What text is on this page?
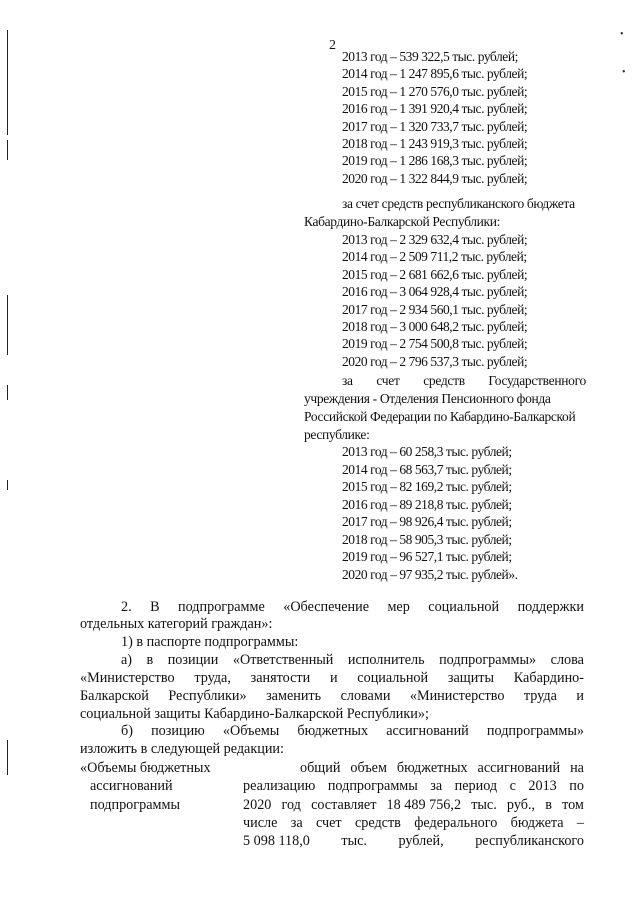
•
•
2
2013 год – 539 322,5 тыс. рублей;
2014 год – 1 247 895,6 тыс. рублей;
2015 год – 1 270 576,0 тыс. рублей;
2016 год – 1 391 920,4 тыс. рублей;
2017 год – 1 320 733,7 тыс. рублей;
2018 год – 1 243 919,3 тыс. рублей;
2019 год – 1 286 168,3 тыс. рублей;
2020 год – 1 322 844,9 тыс. рублей;
за счет средств республиканского бюджета
Кабардино-Балкарской Республики:
2013 год – 2 329 632,4 тыс. рублей;
2014 год – 2 509 711,2 тыс. рублей;
2015 год – 2 681 662,6 тыс. рублей;
2016 год – 3 064 928,4 тыс. рублей;
2017 год – 2 934 560,1 тыс. рублей;
2018 год – 3 000 648,2 тыс. рублей;
2019 год – 2 754 500,8 тыс. рублей;
2020 год – 2 796 537,3 тыс. рублей;
за счет средств Государственного
учреждения - Отделения Пенсионного фонда
Российской Федерации по Кабардино-Балкарской
республике:
2013 год – 60 258,3 тыс. рублей;
2014 год – 68 563,7 тыс. рублей;
2015 год – 82 169,2 тыс. рублей;
2016 год – 89 218,8 тыс. рублей;
2017 год – 98 926,4 тыс. рублей;
2018 год – 58 905,3 тыс. рублей;
2019 год – 96 527,1 тыс. рублей;
2020 год – 97 935,2 тыс. рублей».
2. В подпрограмме «Обеспечение мер социальной поддержки
отдельных категорий граждан»:
1) в паспорте подпрограммы:
а) в позиции «Ответственный исполнитель подпрограммы» слова
«Министерство труда, занятости и социальной защиты Кабардино-
Балкарской Республики» заменить словами «Министерство труда и
социальной защиты Кабардино-Балкарской Республики»;
б) позицию «Объемы бюджетных ассигнований подпрограммы»
изложить в следующей редакции:
«Объемы бюджетных
ассигнований
подпрограммы
общий объем бюджетных ассигнований на
реализацию подпрограммы за период с 2013 по
2020 год составляет 18 489 756,2 тыс. руб., в том
числе за счет средств федерального бюджета –
5 098 118,0 тыс. рублей, республиканского
